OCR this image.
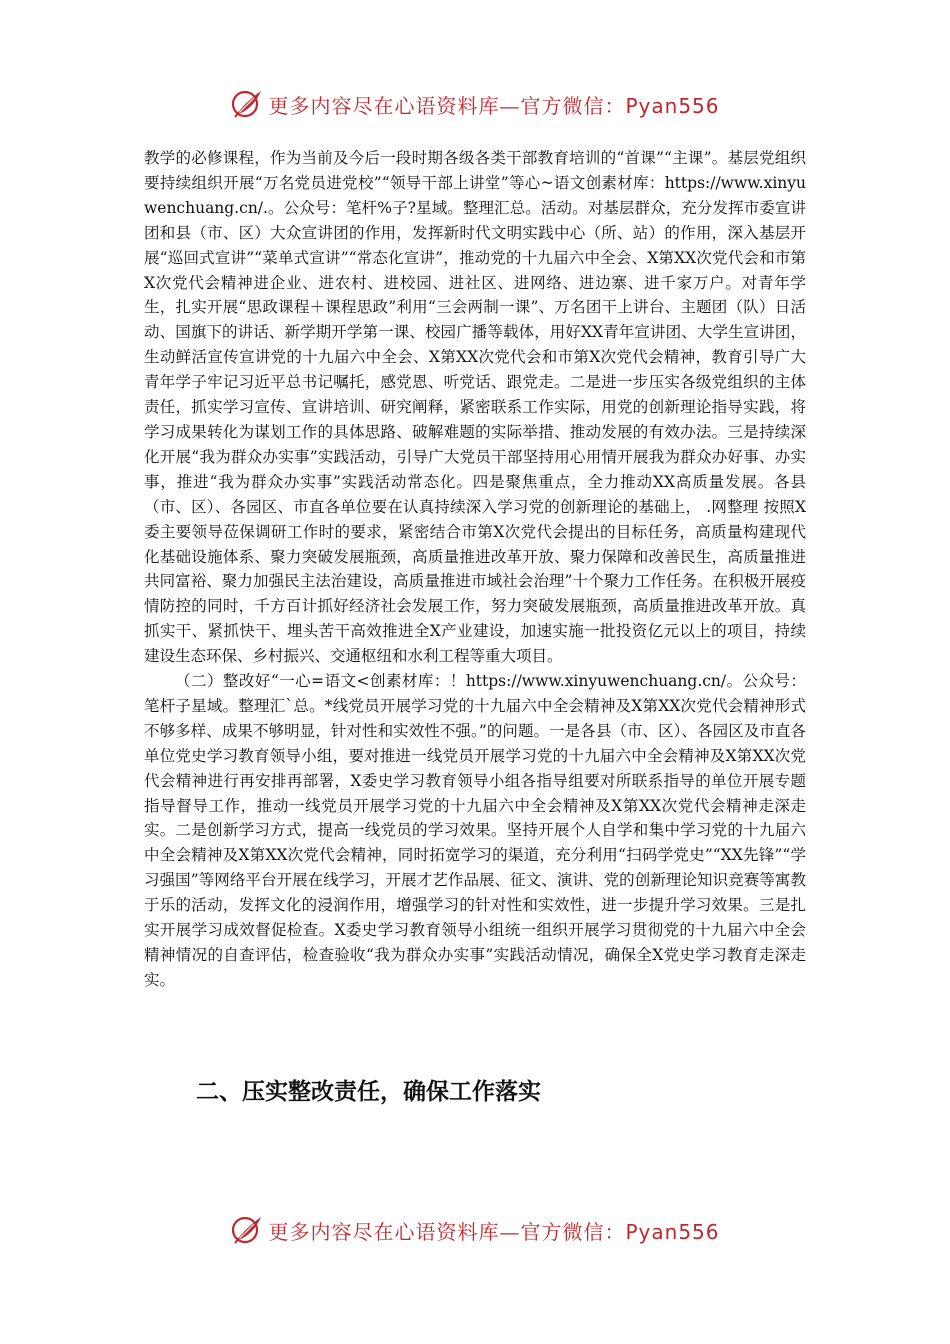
更多内容尽在心语资料库—官方微信：Pyan556

教学的必修课程，作为当前及今后一段时期各级各类干部教育培训的“首课”“主课”。基层党组织要持续组织开展“万名党员进党校”“领导干部上讲堂”等心~语文创素材库：https://www.xinyuwenchuang.cn/.。公众号：笔杆%子?星域。整理汇总。活动。对基层群众，充分发挥市委宣讲团和县（市、区）大众宣讲团的作用，发挥新时代文明实践中心（所、站）的作用，深入基层开展“巡回式宣讲”“菜单式宣讲”“常态化宣讲”，推动党的十九届六中全会、X第XX次党代会和市第X次党代会精神进企业、进农村、进校园、进社区、进网络、进边寨、进千家万户。对青年学生，扎实开展“思政课程＋课程思政”利用“三会两制一课”、万名团干上讲台、主题团（队）日活动、国旗下的讲话、新学期开学第一课、校园广播等载体，用好XX青年宣讲团、大学生宣讲团，生动鲜活宣传宣讲党的十九届六中全会、X第XX次党代会和市第X次党代会精神，教育引导广大青年学子牢记习近平总书记嘱托，感党恩、听党话、跟党走。二是进一步压实各级党组织的主体责任，抓实学习宣传、宣讲培训、研究阐释，紧密联系工作实际，用党的创新理论指导实践，将学习成果转化为谋划工作的具体思路、破解难题的实际举措、推动发展的有效办法。三是持续深化开展“我为群众办实事”实践活动，引导广大党员干部坚持用心用情开展我为群众办好事、办实事，推进“我为群众办实事”实践活动常态化。四是聚焦重点，全力推动XX高质量发展。各县（市、区）、各园区、市直各单位要在认真持续深入学习党的创新理论的基础上， .网整理 按照X委主要领导莅保调研工作时的要求，紧密结合市第X次党代会提出的目标任务，高质量构建现代化基础设施体系、聚力突破发展瓶颈，高质量推进改革开放、聚力保障和改善民生，高质量推进共同富裕、聚力加强民主法治建设，高质量推进市域社会治理”十个聚力工作任务。在积极开展疫情防控的同时，千方百计抓好经济社会发展工作，努力突破发展瓶颈，高质量推进改革开放。真抓实干、紧抓快干、埋头苦干高效推进全X产业建设，加速实施一批投资亿元以上的项目，持续建设生态环保、乡村振兴、交通枢纽和水利工程等重大项目。

（二）整改好“一心=语文<创素材库：！https://www.xinyuwenchuang.cn/。公众号：笔杆子星域。整理汇`总。*线党员开展学习党的十九届六中全会精神及X第XX次党代会精神形式不够多样、成果不够明显，针对性和实效性不强。”的问题。一是各县（市、区）、各园区及市直各单位党史学习教育领导小组，要对推进一线党员开展学习党的十九届六中全会精神及X第XX次党代会精神进行再安排再部署，X委史学习教育领导小组各指导组要对所联系指导的单位开展专题指导督导工作，推动一线党员开展学习党的十九届六中全会精神及X第XX次党代会精神走深走实。二是创新学习方式，提高一线党员的学习效果。坚持开展个人自学和集中学习党的十九届六中全会精神及X第XX次党代会精神，同时拓宽学习的渠道，充分利用“扫码学党史”“XX先锋”“学习强国”等网络平台开展在线学习，开展才艺作品展、征文、演讲、党的创新理论知识竞赛等寓教于乐的活动，发挥文化的浸润作用，增强学习的针对性和实效性，进一步提升学习效果。三是扎实开展学习成效督促检查。X委史学习教育领导小组统一组织开展学习贯彻党的十九届六中全会精神情况的自查评估，检查验收“我为群众办实事”实践活动情况，确保全X党史学习教育走深走实。

二、压实整改责任，确保工作落实
更多内容尽在心语资料库—官方微信：Pyan556
